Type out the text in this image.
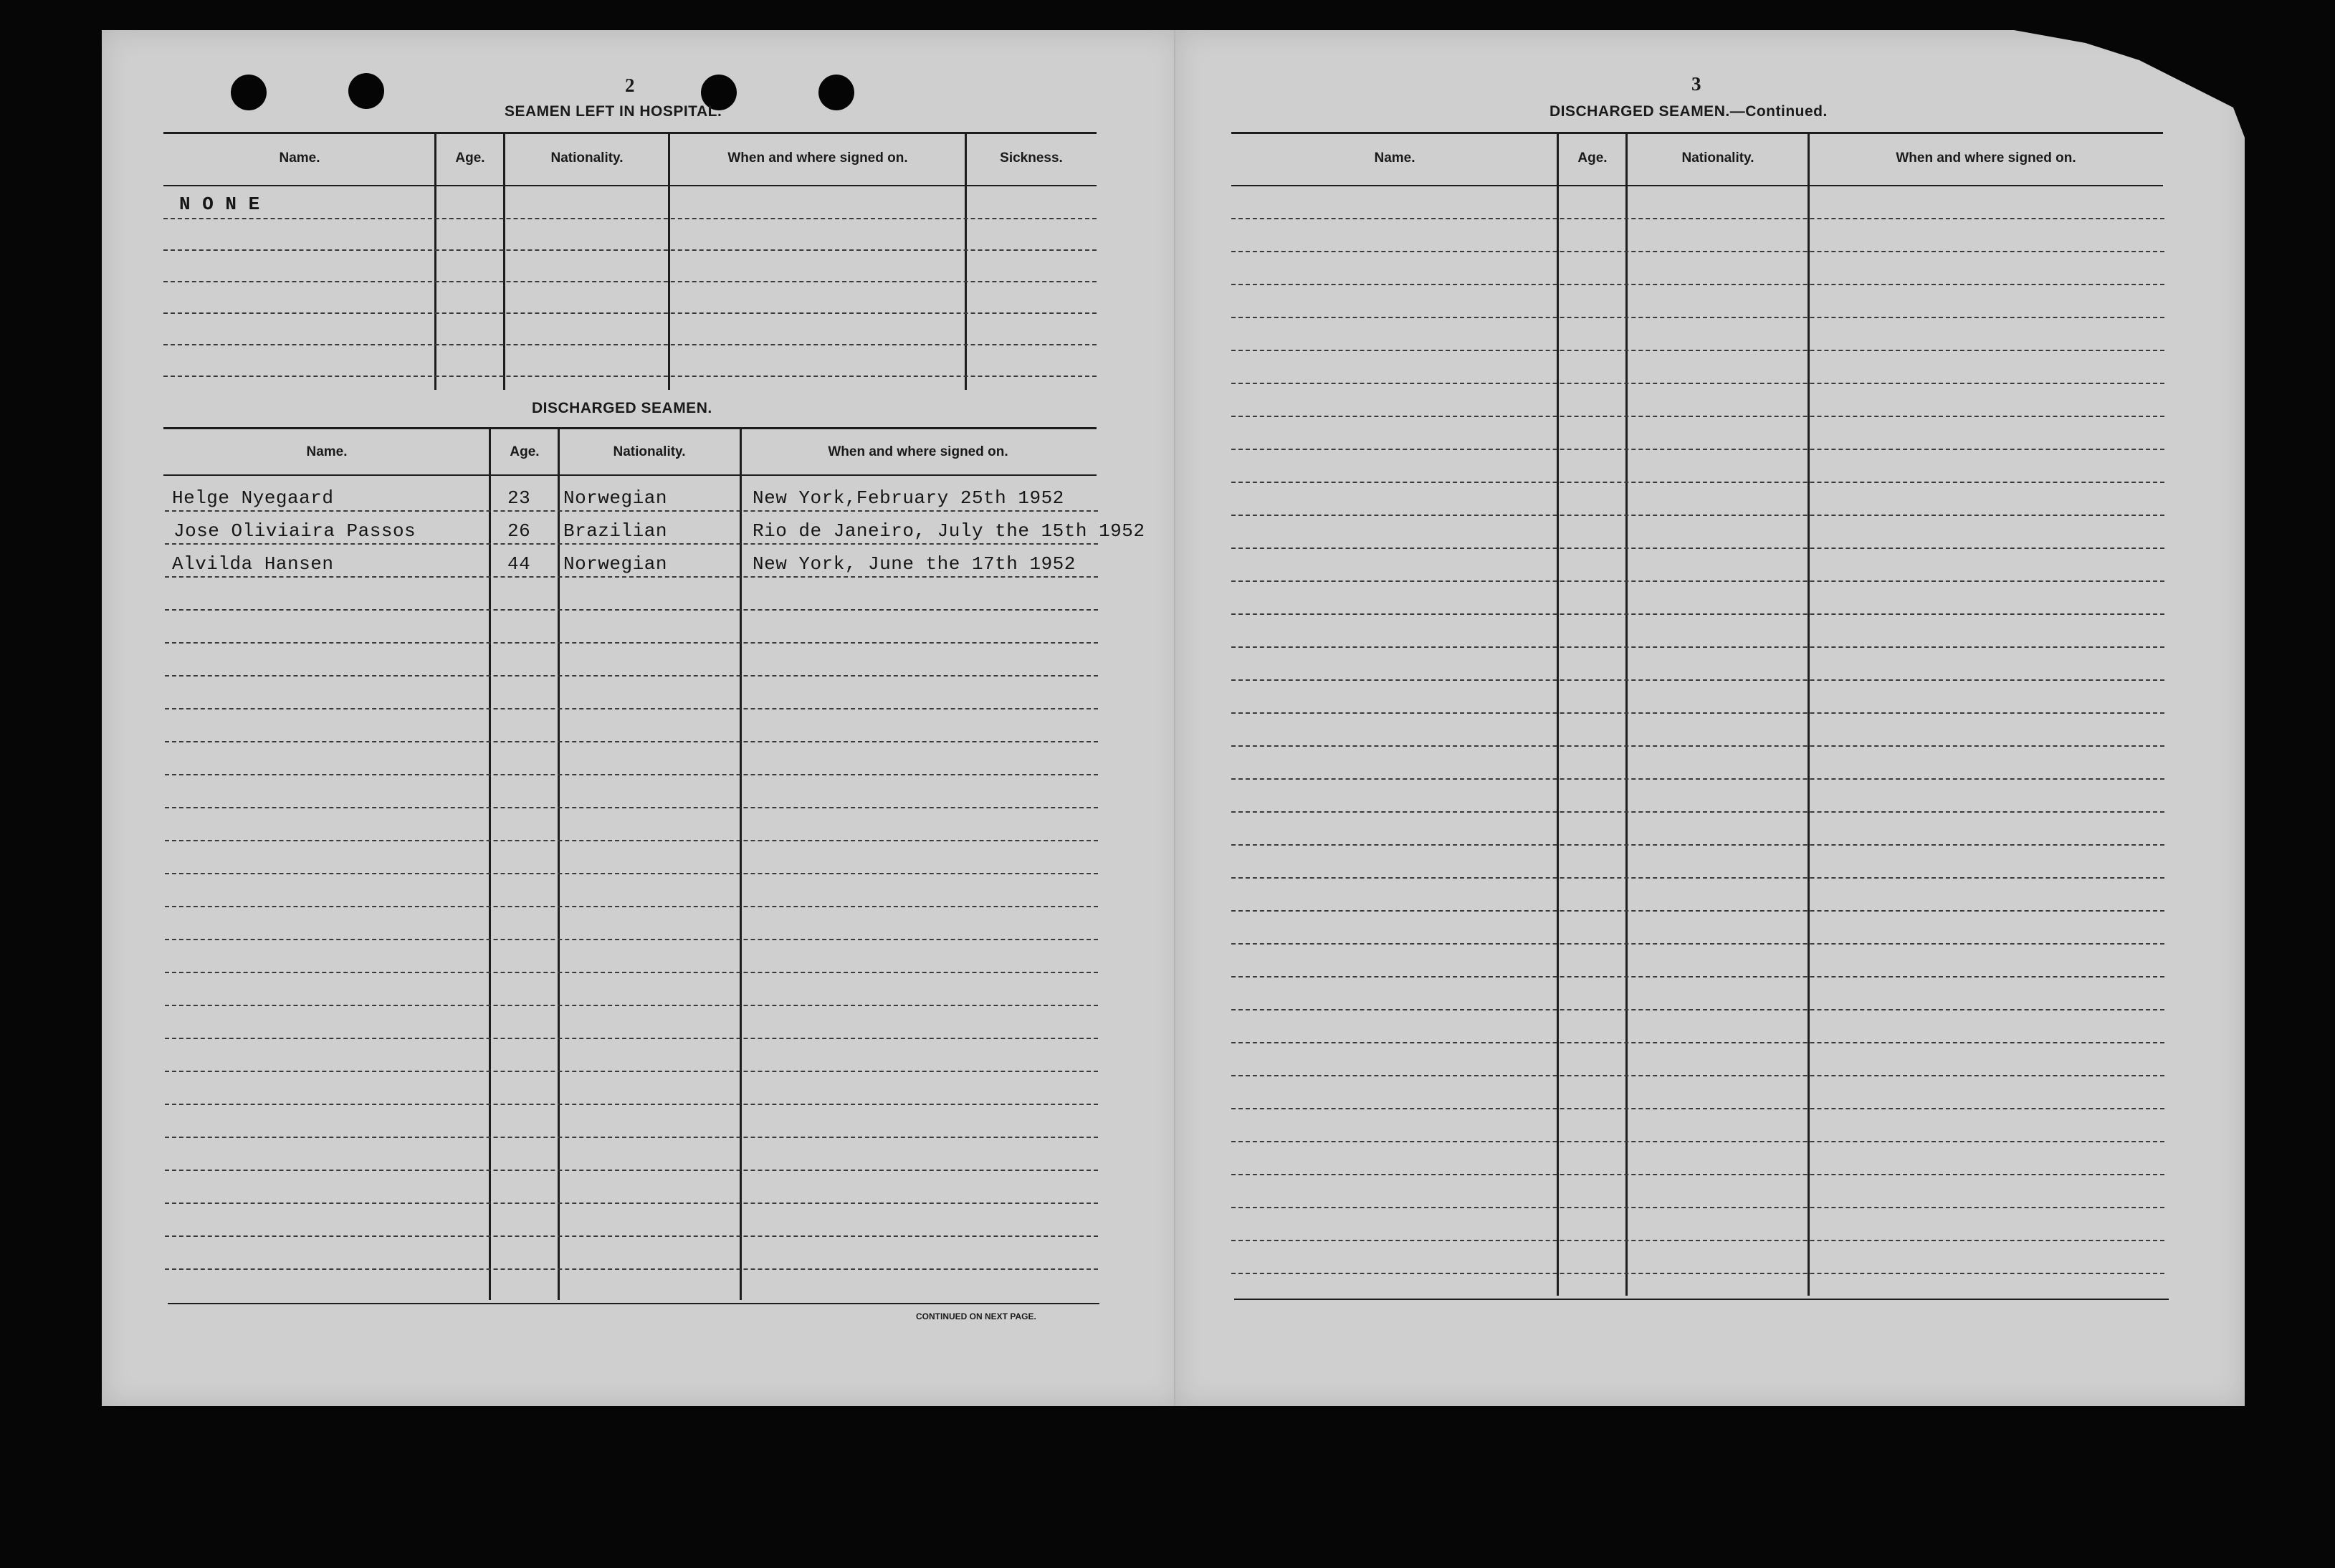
2
SEAMEN LEFT IN HOSPITAL.
Name.	Age.	Nationality.	When and where signed on.	Sickness.
N O N E
DISCHARGED SEAMEN.
Name.	Age.	Nationality.	When and where signed on.
Helge Nyegaard	23 Norwegian	New York,February 25th 1952
Jose Oliviaira Passos	26 Brazilian	Rio de Janeiro, July the 15th 1952
Alvilda Hansen	44 Norwegian	New York, June the 17th 1952
CONTINUED ON NEXT PAGE.
3
DISCHARGED SEAMEN.—Continued.
Name.	Age.	Nationality.	When and where signed on.
